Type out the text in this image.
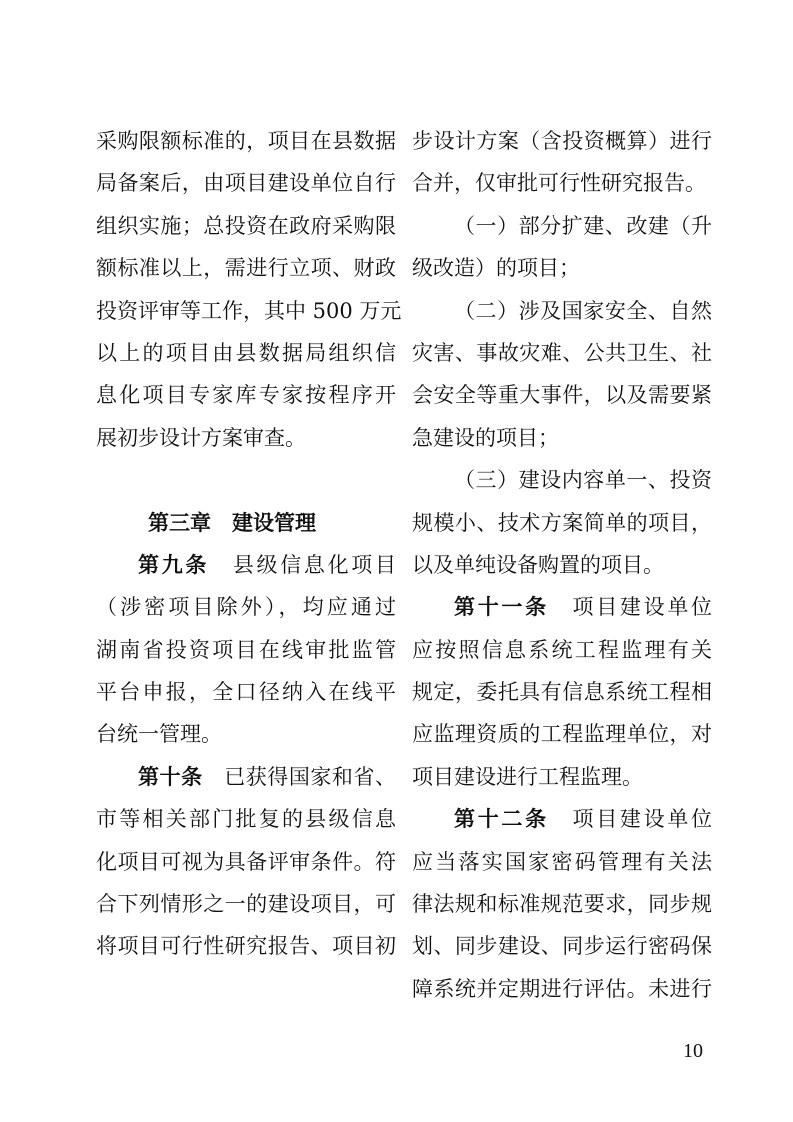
采购限额标准的，项目在县数据
局备案后，由项目建设单位自行
组织实施；总投资在政府采购限
额标准以上，需进行立项、财政
投资评审等工作，其中 500 万元
以上的项目由县数据局组织信
息化项目专家库专家按程序开
展初步设计方案审查。
第三章　建设管理
第九条　 县级信息化项目
（涉密项目除外），均应通过
湖南省投资项目在线审批监管
平台申报，全口径纳入在线平
台统一管理。
第十条　 已获得国家和省、
市等相关部门批复的县级信息
化项目可视为具备评审条件。符
合下列情形之一的建设项目，可
将项目可行性研究报告、项目初
步设计方案（含投资概算）进行
合并，仅审批可行性研究报告。
（一）部分扩建、改建（升
级改造）的项目；
（二）涉及国家安全、自然
灾害、事故灾难、公共卫生、社
会安全等重大事件，以及需要紧
急建设的项目；
（三）建设内容单一、投资
规模小、技术方案简单的项目，
以及单纯设备购置的项目。
第十一条　 项目建设单位
应按照信息系统工程监理有关
规定，委托具有信息系统工程相
应监理资质的工程监理单位，对
项目建设进行工程监理。
第十二条　 项目建设单位
应当落实国家密码管理有关法
律法规和标准规范要求，同步规
划、同步建设、同步运行密码保
障系统并定期进行评估。未进行
10
